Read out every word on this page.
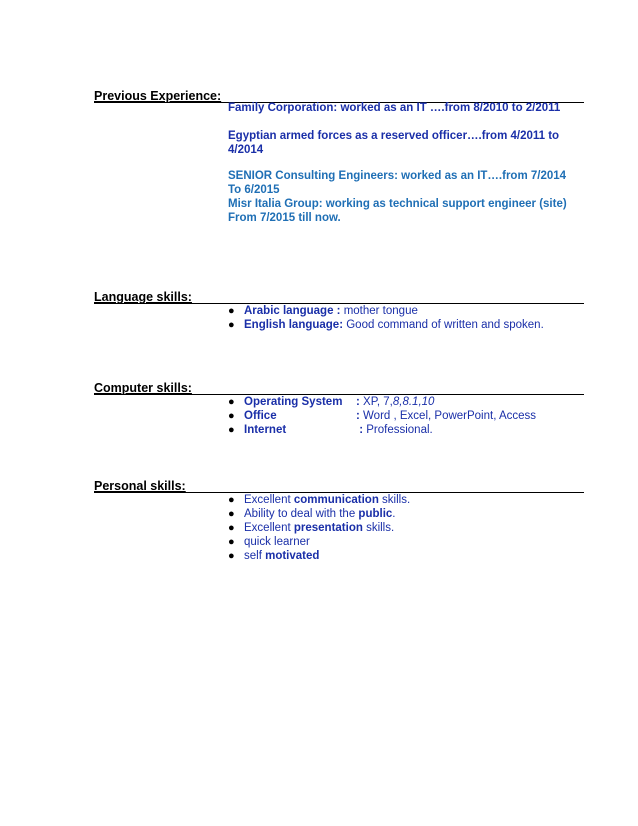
Previous Experience:

Family Corporation: worked as an IT ….from 8/2010 to 2/2011

Egyptian armed forces as a reserved officer….from 4/2011 to 4/2014

SENIOR Consulting Engineers: worked as an IT….from 7/2014 To 6/2015

Misr Italia Group: working as technical support engineer (site) From 7/2015 till now.

Language skills:
● Arabic language : mother tongue
● English language: Good command of written and spoken.
Computer skills:
● Operating System : XP, 7,8,8.1,10
● Office	: Word , Excel, PowerPoint, Access
● Internet	: Professional.
Personal skills:
● Excellent communication skills.
● Ability to deal with the public.
● Excellent presentation skills.
● quick learner
● self motivated
